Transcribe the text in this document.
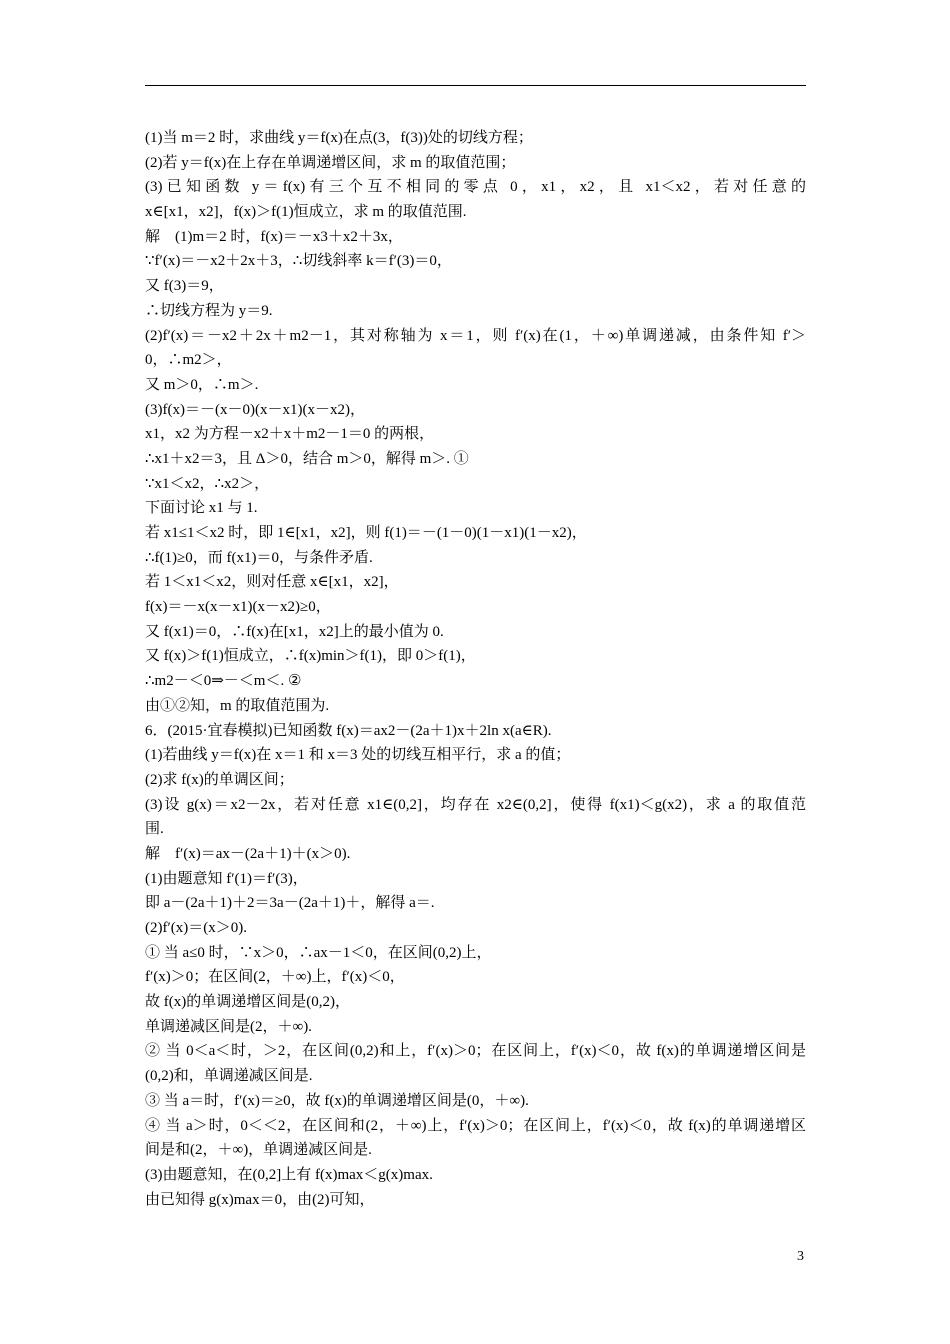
(1)当 m＝2 时，求曲线 y＝f(x)在点(3，f(3))处的切线方程；
(2)若 y＝f(x)在上存在单调递增区间，求 m 的取值范围；
(3)已知函数 y＝f(x)有三个互不相同的零点 0，x1，x2，且 x1＜x2，若对任意的
x∈[x1，x2]，f(x)＞f(1)恒成立，求 m 的取值范围.
解　(1)m＝2 时，f(x)＝－x3＋x2＋3x，
∵f′(x)＝－x2＋2x＋3，∴切线斜率 k＝f′(3)＝0，
又 f(3)＝9，
∴切线方程为 y＝9.
(2)f′(x)＝－x2＋2x＋m2－1，其对称轴为 x＝1，则 f′(x)在(1，＋∞)单调递减，由条件知 f′＞
0，∴m2＞，
又 m＞0，∴m＞.
(3)f(x)＝－(x－0)(x－x1)(x－x2)，
x1，x2 为方程－x2＋x＋m2－1＝0 的两根，
∴x1＋x2＝3，且 Δ＞0，结合 m＞0，解得 m＞. ①
∵x1＜x2，∴x2＞，
下面讨论 x1 与 1.
若 x1≤1＜x2 时，即 1∈[x1，x2]，则 f(1)＝－(1－0)(1－x1)(1－x2)，
∴f(1)≥0，而 f(x1)＝0，与条件矛盾.
若 1＜x1＜x2，则对任意 x∈[x1，x2]，
f(x)＝－x(x－x1)(x－x2)≥0，
又 f(x1)＝0，∴f(x)在[x1，x2]上的最小值为 0.
又 f(x)＞f(1)恒成立，∴f(x)min＞f(1)，即 0＞f(1)，
∴m2－＜0⇒－＜m＜. ②
由①②知，m 的取值范围为.
6．(2015·宜春模拟)已知函数 f(x)＝ax2－(2a＋1)x＋2ln x(a∈R).
(1)若曲线 y＝f(x)在 x＝1 和 x＝3 处的切线互相平行，求 a 的值；
(2)求 f(x)的单调区间；
(3)设 g(x)＝x2－2x，若对任意 x1∈(0,2]，均存在 x2∈(0,2]，使得 f(x1)＜g(x2)，求 a 的取值范
围.
解　f′(x)＝ax－(2a＋1)＋(x＞0).
(1)由题意知 f′(1)＝f′(3)，
即 a－(2a＋1)＋2＝3a－(2a＋1)＋，解得 a＝.
(2)f′(x)＝(x＞0).
① 当 a≤0 时，∵x＞0，∴ax－1＜0，在区间(0,2)上，
f′(x)＞0；在区间(2，＋∞)上，f′(x)＜0，
故 f(x)的单调递增区间是(0,2)，
单调递减区间是(2，＋∞).
② 当 0＜a＜时，＞2，在区间(0,2)和上，f′(x)＞0；在区间上，f′(x)＜0，故 f(x)的单调递增区间是
(0,2)和，单调递减区间是.
③ 当 a＝时，f′(x)＝≥0，故 f(x)的单调递增区间是(0，＋∞).
④ 当 a＞时，0＜＜2，在区间和(2，＋∞)上，f′(x)＞0；在区间上，f′(x)＜0，故 f(x)的单调递增区
间是和(2，＋∞)，单调递减区间是.
(3)由题意知，在(0,2]上有 f(x)max＜g(x)max.
由已知得 g(x)max＝0，由(2)可知，
3
